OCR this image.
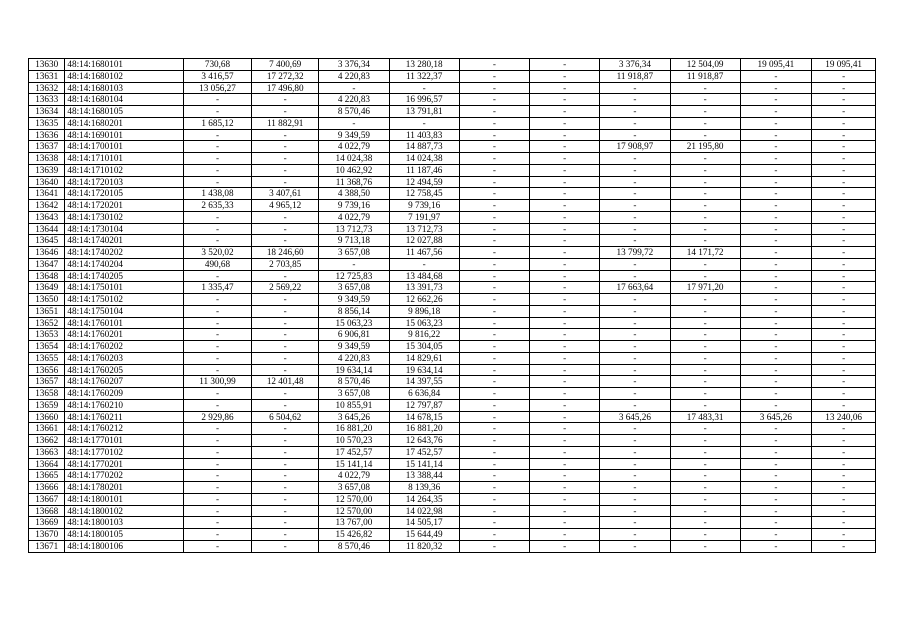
13630	48:14:1680101	730,68	7 400,69	3 376,34	13 280,18	-	-	3 376,34	12 504,09	19 095,41	19 095,41
13631	48:14:1680102	3 416,57	17 272,32	4 220,83	11 322,37	-	-	11 918,87	11 918,87	-	-
13632	48:14:1680103	13 056,27	17 496,80	-	-	-	-	-	-	-	-
13633	48:14:1680104	-	-	4 220,83	16 996,57	-	-	-	-	-	-
13634	48:14:1680105	-	-	8 570,46	13 791,81	-	-	-	-	-	-
13635	48:14:1680201	1 685,12	11 882,91	-	-	-	-	-	-	-	-
13636	48:14:1690101	-	-	9 349,59	11 403,83	-	-	-	-	-	-
13637	48:14:1700101	-	-	4 022,79	14 887,73	-	-	17 908,97	21 195,80	-	-
13638	48:14:1710101	-	-	14 024,38	14 024,38	-	-	-	-	-	-
13639	48:14:1710102	-	-	10 462,92	11 187,46	-	-	-	-	-	-
13640	48:14:1720103	-	-	11 368,76	12 494,59	-	-	-	-	-	-
13641	48:14:1720105	1 438,08	3 407,61	4 388,50	12 758,45	-	-	-	-	-	-
13642	48:14:1720201	2 635,33	4 965,12	9 739,16	9 739,16	-	-	-	-	-	-
13643	48:14:1730102	-	-	4 022,79	7 191,97	-	-	-	-	-	-
13644	48:14:1730104	-	-	13 712,73	13 712,73	-	-	-	-	-	-
13645	48:14:1740201	-	-	9 713,18	12 027,88	-	-	-	-	-	-
13646	48:14:1740202	3 520,02	18 246,60	3 657,08	11 467,56	-	-	13 799,72	14 171,72	-	-
13647	48:14:1740204	490,68	2 703,85	-	-	-	-	-	-	-	-
13648	48:14:1740205	-	-	12 725,83	13 484,68	-	-	-	-	-	-
13649	48:14:1750101	1 335,47	2 569,22	3 657,08	13 391,73	-	-	17 663,64	17 971,20	-	-
13650	48:14:1750102	-	-	9 349,59	12 662,26	-	-	-	-	-	-
13651	48:14:1750104	-	-	8 856,14	9 896,18	-	-	-	-	-	-
13652	48:14:1760101	-	-	15 063,23	15 063,23	-	-	-	-	-	-
13653	48:14:1760201	-	-	6 906,81	9 816,22	-	-	-	-	-	-
13654	48:14:1760202	-	-	9 349,59	15 304,05	-	-	-	-	-	-
13655	48:14:1760203	-	-	4 220,83	14 829,61	-	-	-	-	-	-
13656	48:14:1760205	-	-	19 634,14	19 634,14	-	-	-	-	-	-
13657	48:14:1760207	11 300,99	12 401,48	8 570,46	14 397,55	-	-	-	-	-	-
13658	48:14:1760209	-	-	3 657,08	6 636,84	-	-	-	-	-	-
13659	48:14:1760210	-	-	10 855,91	12 797,87	-	-	-	-	-	-
13660	48:14:1760211	2 929,86	6 504,62	3 645,26	14 678,15	-	-	3 645,26	17 483,31	3 645,26	13 240,06
13661	48:14:1760212	-	-	16 881,20	16 881,20	-	-	-	-	-	-
13662	48:14:1770101	-	-	10 570,23	12 643,76	-	-	-	-	-	-
13663	48:14:1770102	-	-	17 452,57	17 452,57	-	-	-	-	-	-
13664	48:14:1770201	-	-	15 141,14	15 141,14	-	-	-	-	-	-
13665	48:14:1770202	-	-	4 022,79	13 388,44	-	-	-	-	-	-
13666	48:14:1780201	-	-	3 657,08	8 139,36	-	-	-	-	-	-
13667	48:14:1800101	-	-	12 570,00	14 264,35	-	-	-	-	-	-
13668	48:14:1800102	-	-	12 570,00	14 022,98	-	-	-	-	-	-
13669	48:14:1800103	-	-	13 767,00	14 505,17	-	-	-	-	-	-
13670	48:14:1800105	-	-	15 426,82	15 644,49	-	-	-	-	-	-
13671	48:14:1800106	-	-	8 570,46	11 820,32	-	-	-	-	-	-
